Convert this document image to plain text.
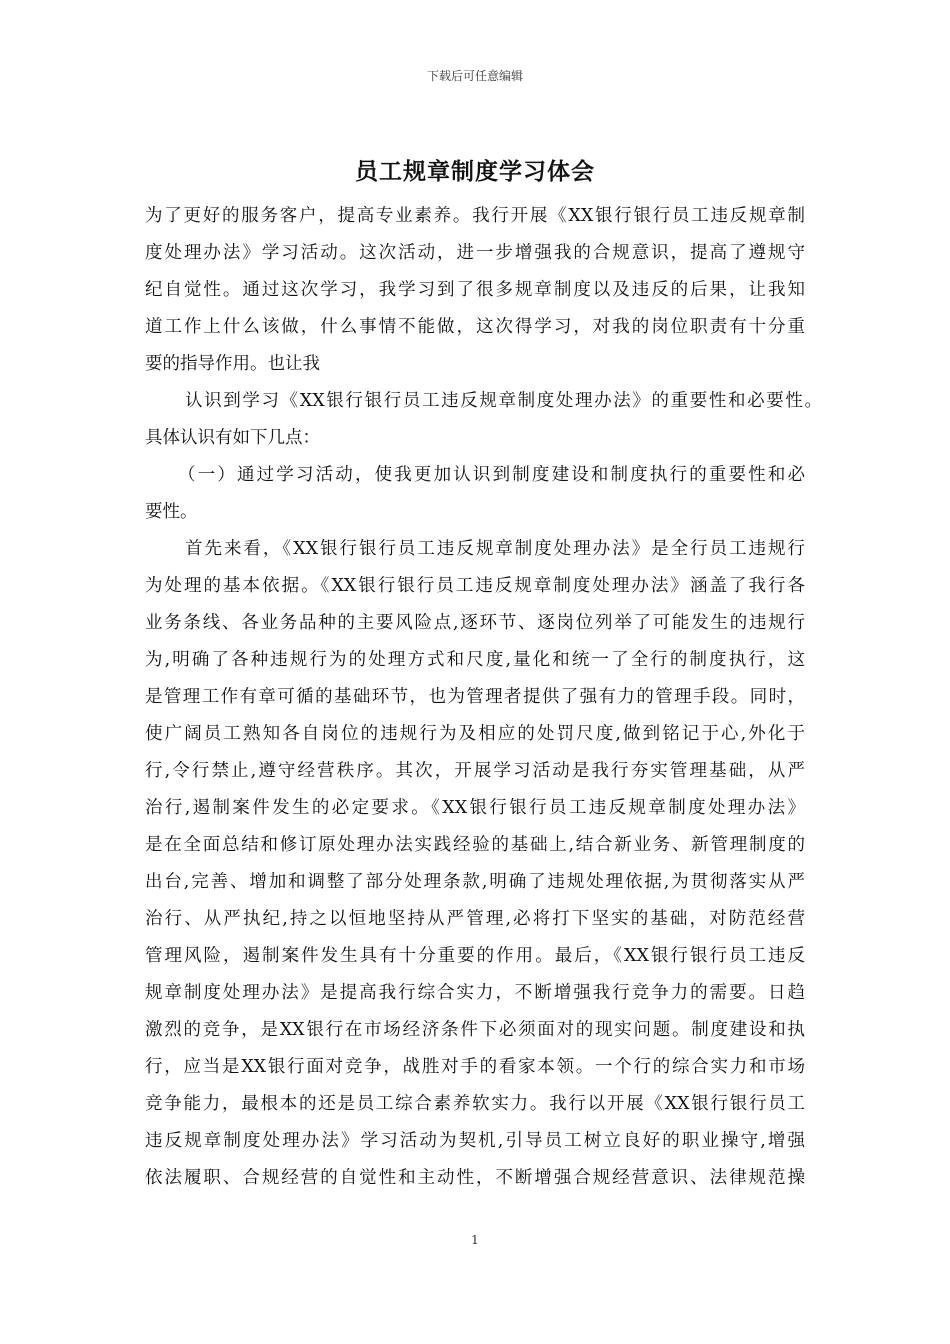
下载后可任意编辑
员工规章制度学习体会
为了更好的服务客户，提高专业素养。我行开展《XX银行银行员工违反规章制
度处理办法》学习活动。这次活动，进一步增强我的合规意识，提高了遵规守
纪自觉性。通过这次学习，我学习到了很多规章制度以及违反的后果，让我知
道工作上什么该做，什么事情不能做，这次得学习，对我的岗位职责有十分重
要的指导作用。也让我
认识到学习《XX银行银行员工违反规章制度处理办法》的重要性和必要性。
具体认识有如下几点：
（一）通过学习活动，使我更加认识到制度建设和制度执行的重要性和必
要性。
首先来看，《XX银行银行员工违反规章制度处理办法》是全行员工违规行
为处理的基本依据。《XX银行银行员工违反规章制度处理办法》涵盖了我行各
业务条线、各业务品种的主要风险点,逐环节、逐岗位列举了可能发生的违规行
为,明确了各种违规行为的处理方式和尺度,量化和统一了全行的制度执行，这
是管理工作有章可循的基础环节，也为管理者提供了强有力的管理手段。同时，
使广阔员工熟知各自岗位的违规行为及相应的处罚尺度,做到铭记于心,外化于
行,令行禁止,遵守经营秩序。其次，开展学习活动是我行夯实管理基础，从严
治行,遏制案件发生的必定要求。《XX银行银行员工违反规章制度处理办法》
是在全面总结和修订原处理办法实践经验的基础上,结合新业务、新管理制度的
出台,完善、增加和调整了部分处理条款,明确了违规处理依据,为贯彻落实从严
治行、从严执纪,持之以恒地坚持从严管理,必将打下坚实的基础，对防范经营
管理风险，遏制案件发生具有十分重要的作用。最后，《XX银行银行员工违反
规章制度处理办法》是提高我行综合实力，不断增强我行竞争力的需要。日趋
激烈的竞争，是XX银行在市场经济条件下必须面对的现实问题。制度建设和执
行，应当是XX银行面对竞争，战胜对手的看家本领。一个行的综合实力和市场
竞争能力，最根本的还是员工综合素养软实力。我行以开展《XX银行银行员工
违反规章制度处理办法》学习活动为契机,引导员工树立良好的职业操守,增强
依法履职、合规经营的自觉性和主动性，不断增强合规经营意识、法律规范操
1
